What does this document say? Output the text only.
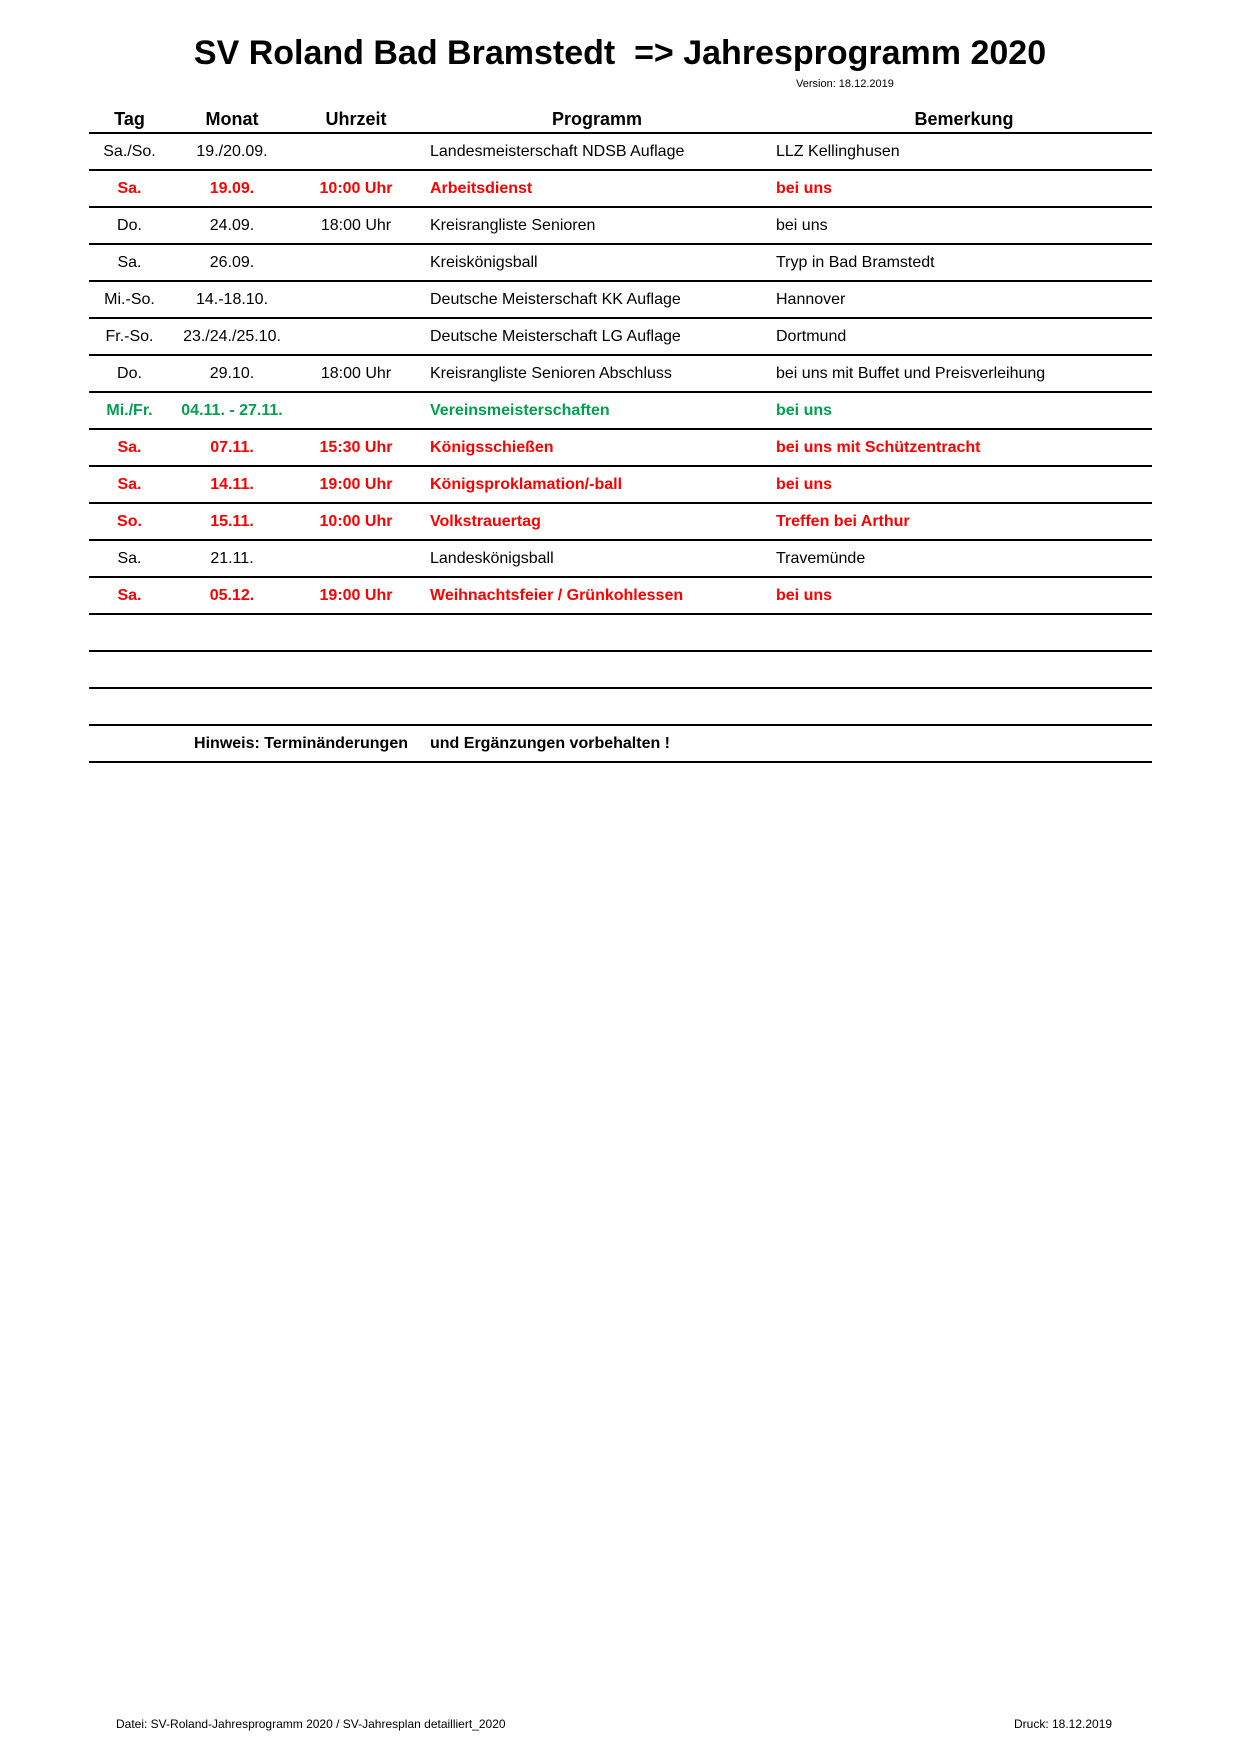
SV Roland Bad Bramstedt  => Jahresprogramm 2020
Version: 18.12.2019
Tag	Monat	Uhrzeit	Programm	Bemerkung
Sa./So.	19./20.09.		Landesmeisterschaft NDSB Auflage	LLZ Kellinghusen
Sa.	19.09.	10:00 Uhr	Arbeitsdienst	bei uns
Do.	24.09.	18:00 Uhr	Kreisrangliste Senioren	bei uns
Sa.	26.09.		Kreiskönigsball	Tryp in Bad Bramstedt
Mi.-So.	14.-18.10.		Deutsche Meisterschaft KK Auflage	Hannover
Fr.-So.	23./24./25.10.		Deutsche Meisterschaft LG Auflage	Dortmund
Do.	29.10.	18:00 Uhr	Kreisrangliste Senioren Abschluss	bei uns mit Buffet und Preisverleihung
Mi./Fr.	04.11. - 27.11.		Vereinsmeisterschaften	bei uns
Sa.	07.11.	15:30 Uhr	Königsschießen	bei uns mit Schützentracht
Sa.	14.11.	19:00 Uhr	Königsproklamation/-ball	bei uns
So.	15.11.	10:00 Uhr	Volkstrauertag	Treffen bei Arthur
Sa.	21.11.		Landeskönigsball	Travemünde
Sa.	05.12.	19:00 Uhr	Weihnachtsfeier / Grünkohlessen	bei uns

	Hinweis: Terminänderungen		und Ergänzungen vorbehalten !	
Datei: SV-Roland-Jahresprogramm 2020 / SV-Jahresplan detailliert_2020	Druck: 18.12.2019
